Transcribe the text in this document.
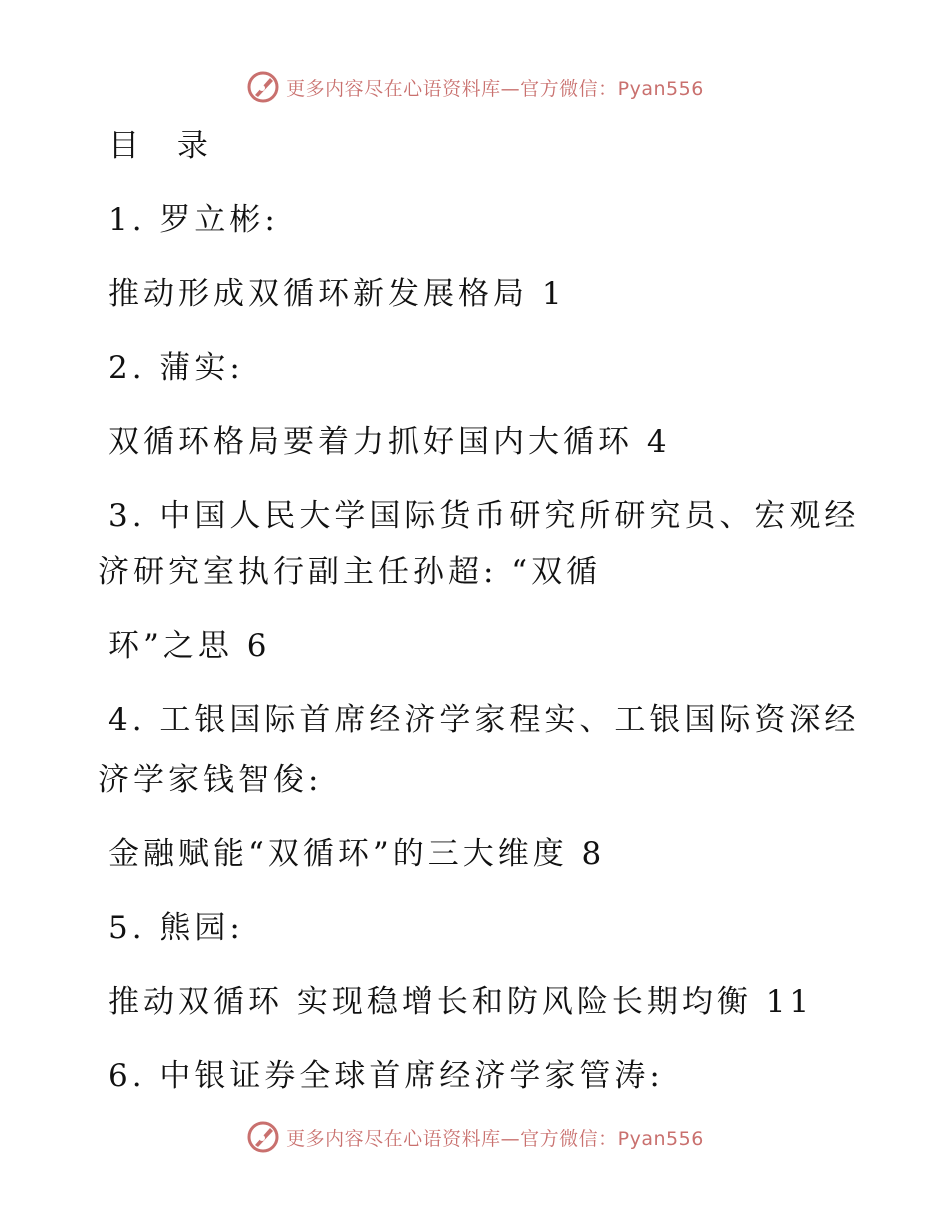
更多内容尽在心语资料库—官方微信：Pyan556
目 录
1. 罗立彬:
推动形成双循环新发展格局 1
2. 蒲实:
双循环格局要着力抓好国内大循环 4
3. 中国人民大学国际货币研究所研究员、宏观经
济研究室执行副主任孙超: “双循
环”之思 6
4. 工银国际首席经济学家程实、工银国际资深经
济学家钱智俊:
金融赋能“双循环”的三大维度 8
5. 熊园:
推动双循环 实现稳增长和防风险长期均衡 11
6. 中银证券全球首席经济学家管涛:
更多内容尽在心语资料库—官方微信：Pyan556
